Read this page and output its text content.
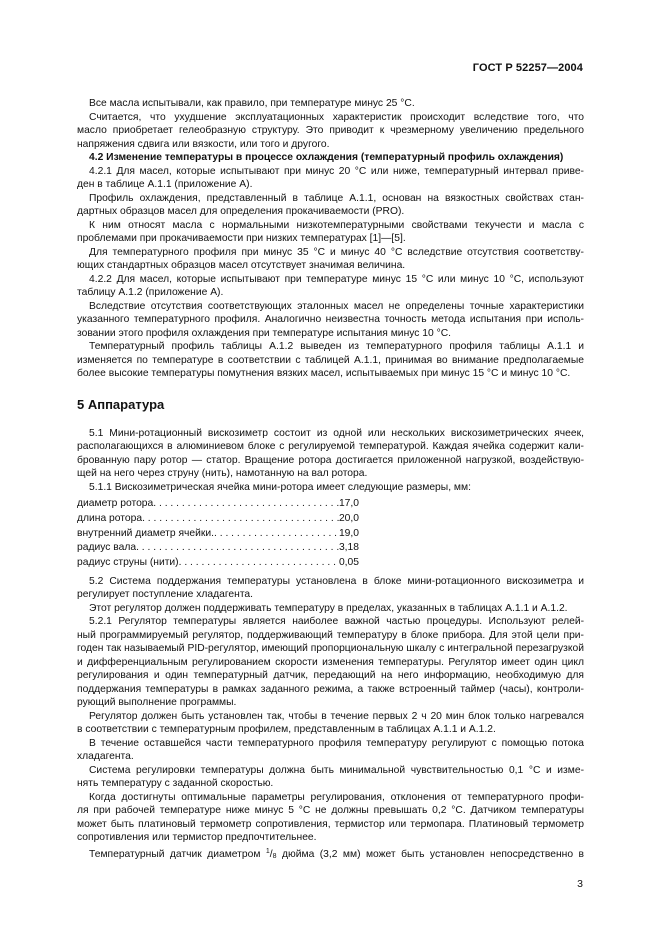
ГОСТ Р 52257—2004
Все масла испытывали, как правило, при температуре минус 25 °С.
Считается, что ухудшение эксплуатационных характеристик происходит вследствие того, что
масло приобретает гелеобразную структуру. Это приводит к чрезмерному увеличению предельного
напряжения сдвига или вязкости, или того и другого.
4.2 Изменение температуры в процессе охлаждения (температурный профиль охлаждения)
4.2.1 Для масел, которые испытывают при минус 20 °С или ниже, температурный интервал приве-
ден в таблице А.1.1 (приложение А).
Профиль охлаждения, представленный в таблице А.1.1, основан на вязкостных свойствах стан-
дартных образцов масел для определения прокачиваемости (PRO).
К ним относят масла с нормальными низкотемпературными свойствами текучести и масла с
проблемами при прокачиваемости при низких температурах [1]—[5].
Для температурного профиля при минус 35 °С и минус 40 °С вследствие отсутствия соответству-
ющих стандартных образцов масел отсутствует значимая величина.
4.2.2 Для масел, которые испытывают при температуре минус 15 °С или минус 10 °С, используют
таблицу А.1.2 (приложение А).
Вследствие отсутствия соответствующих эталонных масел не определены точные характеристики
указанного температурного профиля. Аналогично неизвестна точность метода испытания при исполь-
зовании этого профиля охлаждения при температуре испытания минус 10 °С.
Температурный профиль таблицы А.1.2 выведен из температурного профиля таблицы А.1.1 и
изменяется по температуре в соответствии с таблицей А.1.1, принимая во внимание предполагаемые
более высокие температуры помутнения вязких масел, испытываемых при минус 15 °С и минус 10 °С.
5 Аппаратура
5.1 Мини-ротационный вискозиметр состоит из одной или нескольких вискозиметрических ячеек,
располагающихся в алюминиевом блоке с регулируемой температурой. Каждая ячейка содержит кали-
брованную пару ротор — статор. Вращение ротора достигается приложенной нагрузкой, воздействую-
щей на него через струну (нить), намотанную на вал ротора.
5.1.1 Вискозиметрическая ячейка мини-ротора имеет следующие размеры, мм:
диаметр ротора . . .	17,0
длина ротора . . .	20,0
внутренний диаметр ячейки. . . .	19,0
радиус вала . . .	3,18
радиус струны (нити) . . .	0,05
5.2 Система поддержания температуры установлена в блоке мини-ротационного вискозиметра и
регулирует поступление хладагента.
Этот регулятор должен поддерживать температуру в пределах, указанных в таблицах А.1.1 и А.1.2.
5.2.1 Регулятор температуры является наиболее важной частью процедуры. Используют релей-
ный программируемый регулятор, поддерживающий температуру в блоке прибора. Для этой цели при-
годен так называемый PID-регулятор, имеющий пропорциональную шкалу с интегральной перезагрузкой
и дифференциальным регулированием скорости изменения температуры. Регулятор имеет один цикл
регулирования и один температурный датчик, передающий на него информацию, необходимую для
поддержания температуры в рамках заданного режима, а также встроенный таймер (часы), контроли-
рующий выполнение программы.
Регулятор должен быть установлен так, чтобы в течение первых 2 ч 20 мин блок только нагревался
в соответствии с температурным профилем, представленным в таблицах А.1.1 и А.1.2.
В течение оставшейся части температурного профиля температуру регулируют с помощью потока
хладагента.
Система регулировки температуры должна быть минимальной чувствительностью 0,1 °С и изме-
нять температуру с заданной скоростью.
Когда достигнуты оптимальные параметры регулирования, отклонения от температурного профи-
ля при рабочей температуре ниже минус 5 °С не должны превышать 0,2 °С. Датчиком температуры
может быть платиновый термометр сопротивления, термистор или термопара. Платиновый термометр
сопротивления или термистор предпочтительнее.
Температурный датчик диаметром $^1/_8$ дюйма (3,2 мм) может быть установлен непосредственно в
3
